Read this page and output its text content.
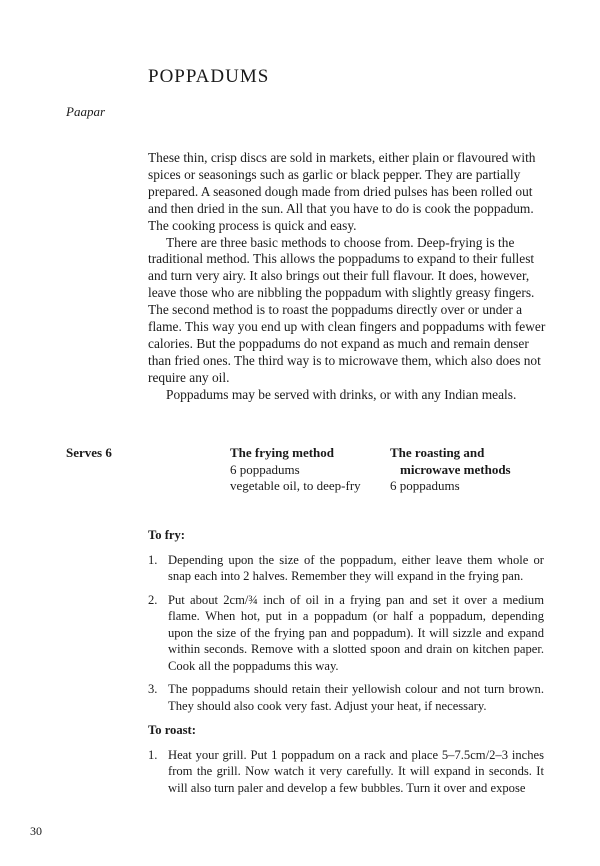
POPPADUMS
Paapar

These thin, crisp discs are sold in markets, either plain or flavoured with spices or seasonings such as garlic or black pepper. They are partially prepared. A seasoned dough made from dried pulses has been rolled out and then dried in the sun. All that you have to do is cook the poppadum. The cooking process is quick and easy.

There are three basic methods to choose from. Deep-frying is the traditional method. This allows the poppadums to expand to their fullest and turn very airy. It also brings out their full flavour. It does, however, leave those who are nibbling the poppadum with slightly greasy fingers. The second method is to roast the poppadums directly over or under a flame. This way you end up with clean fingers and poppadums with fewer calories. But the poppadums do not expand as much and remain denser than fried ones. The third way is to microwave them, which also does not require any oil.

Poppadums may be served with drinks, or with any Indian meals.

Serves 6	The frying method
6 poppadums
vegetable oil, to deep-fry
The roasting and
microwave methods
6 poppadums
To fry:
1. Depending upon the size of the poppadum, either leave them whole or snap each into 2 halves. Remember they will expand in the frying pan.
2. Put about 2cm/¾ inch of oil in a frying pan and set it over a medium flame. When hot, put in a poppadum (or half a poppadum, depending upon the size of the frying pan and poppadum). It will sizzle and expand within seconds. Remove with a slotted spoon and drain on kitchen paper. Cook all the poppadums this way.
3. The poppadums should retain their yellowish colour and not turn brown. They should also cook very fast. Adjust your heat, if necessary.
To roast:
1. Heat your grill. Put 1 poppadum on a rack and place 5–7.5cm/2–3 inches from the grill. Now watch it very carefully. It will expand in seconds. It will also turn paler and develop a few bubbles. Turn it over and expose
30
